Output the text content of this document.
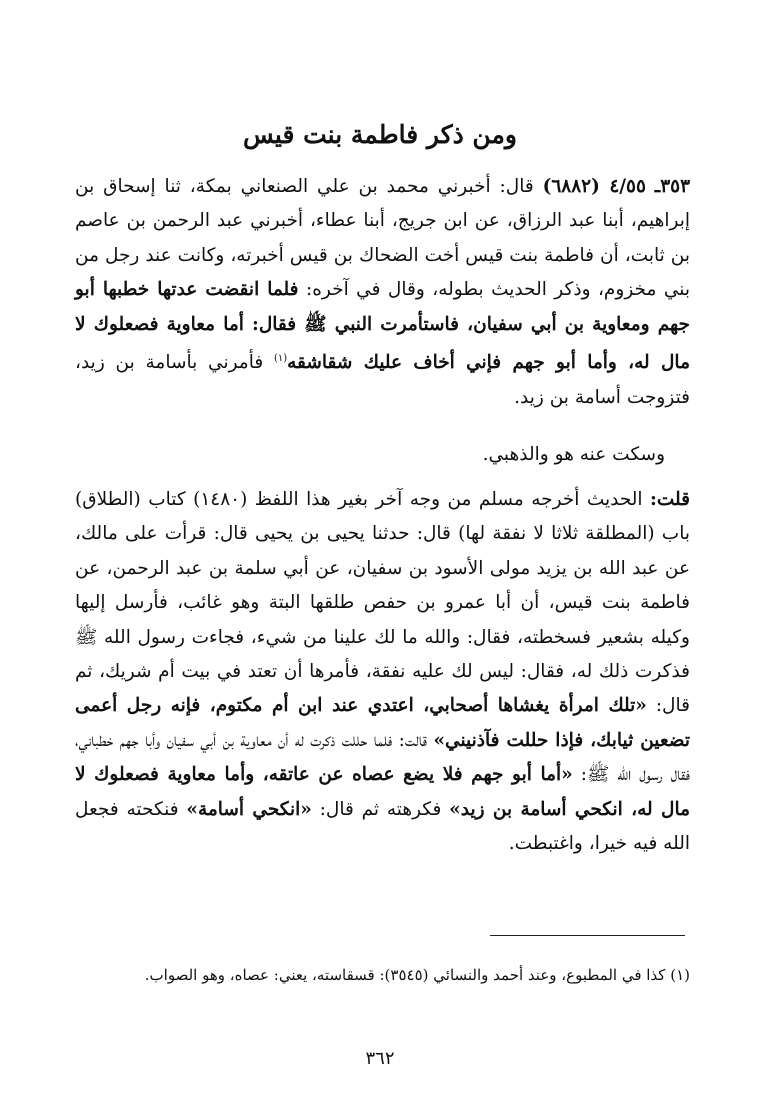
ومن ذكر فاطمة بنت قيس
٣٥٣ـ ٤/٥٥ (٦٨٨٢) قال: أخبرني محمد بن علي الصنعاني بمكة، ثنا إسحاق بن إبراهيم، أبنا عبد الرزاق، عن ابن جريج، أبنا عطاء، أخبرني عبد الرحمن بن عاصم بن ثابت، أن فاطمة بنت قيس أخت الضحاك بن قيس أخبرته، وكانت عند رجل من بني مخزوم، وذكر الحديث بطوله، وقال في آخره: فلما انقضت عدتها خطبها أبو جهم ومعاوية بن أبي سفيان، فاستأمرت النبي ﷺ فقال: أما معاوية فصعلوك لا مال له، وأما أبو جهم فإني أخاف عليك شقاشقه$^{(١)}$ فأمرني بأسامة بن زيد، فتزوجت أسامة بن زيد.
وسكت عنه هو والذهبي.
قلت: الحديث أخرجه مسلم من وجه آخر بغير هذا اللفظ (١٤٨٠) كتاب (الطلاق) باب (المطلقة ثلاثا لا نفقة لها) قال: حدثنا يحيى بن يحيى قال: قرأت على مالك، عن عبد الله بن يزيد مولى الأسود بن سفيان، عن أبي سلمة بن عبد الرحمن، عن فاطمة بنت قيس، أن أبا عمرو بن حفص طلقها البتة وهو غائب، فأرسل إليها وكيله بشعير فسخطته، فقال: والله ما لك علينا من شيء، فجاءت رسول الله ﷺ فذكرت ذلك له، فقال: ليس لك عليه نفقة، فأمرها أن تعتد في بيت أم شريك، ثم قال: «تلك امرأة يغشاها أصحابي، اعتدي عند ابن أم مكتوم، فإنه رجل أعمى تضعين ثيابك، فإذا حللت فآذنيني» قالت: فلما حللت ذكرت له أن معاوية بن أبي سفيان وأبا جهم خطباني، فقال رسول الله ﷺ: «أما أبو جهم فلا يضع عصاه عن عاتقه، وأما معاوية فصعلوك لا مال له، انكحي أسامة بن زيد» فكرهته ثم قال: «انكحي أسامة» فنكحته فجعل الله فيه خيرا، واغتبطت.
(١) كذا في المطبوع، وعند أحمد والنسائي (٣٥٤٥): قسقاسته، يعني: عصاه، وهو الصواب.
٣٦٢
